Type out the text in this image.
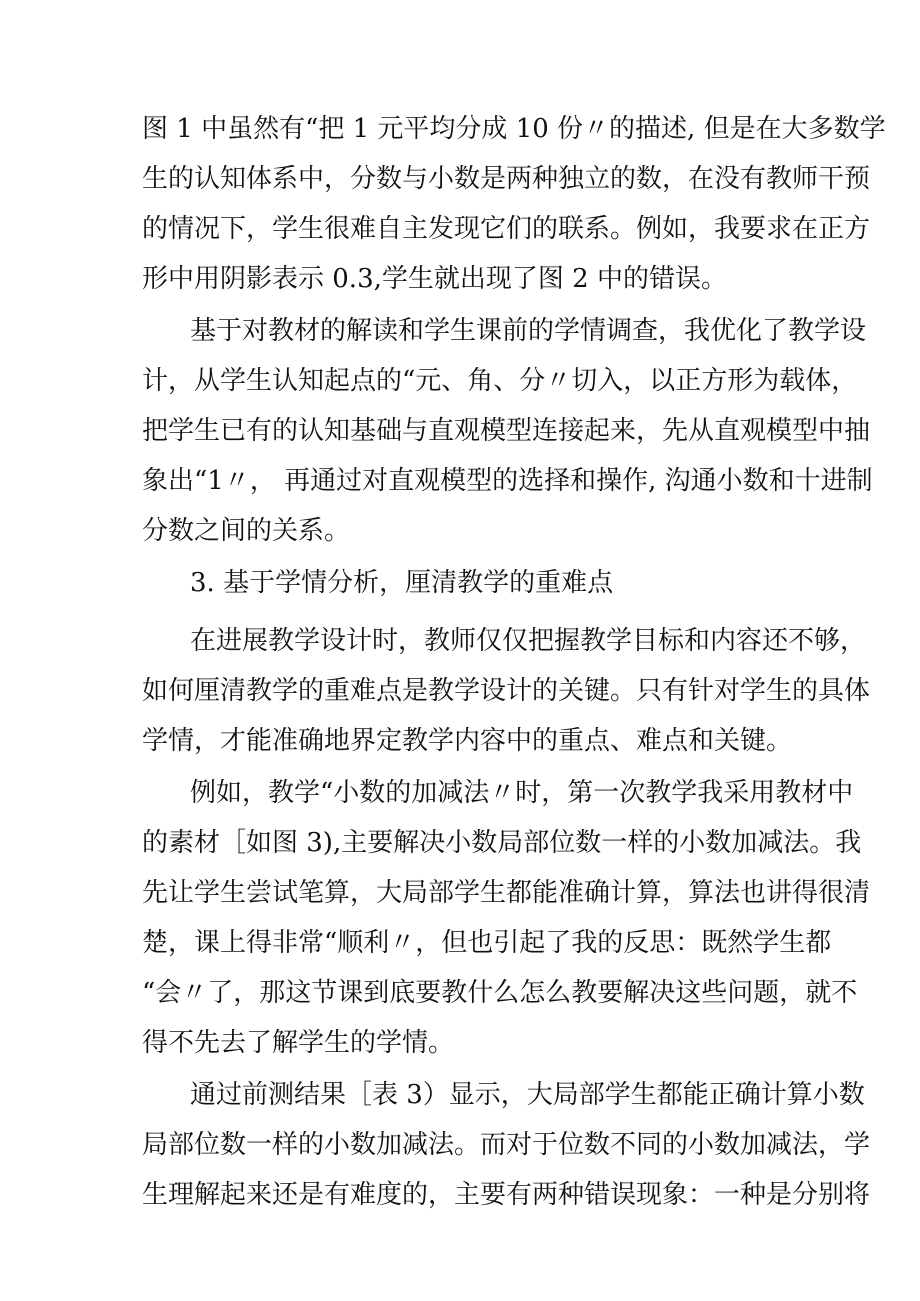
图 1 中虽然有“把 1 元平均分成 10 份〃的描述, 但是在大多数学
生的认知体系中，分数与小数是两种独立的数，在没有教师干预
的情况下，学生很难自主发现它们的联系。例如，我要求在正方
形中用阴影表示 0.3,学生就出现了图 2 中的错误。
基于对教材的解读和学生课前的学情调查，我优化了教学设
计，从学生认知起点的“元、角、分〃切入，以正方形为载体，
把学生已有的认知基础与直观模型连接起来，先从直观模型中抽
象出“1〃， 再通过对直观模型的选择和操作, 沟通小数和十进制
分数之间的关系。
3. 基于学情分析，厘清教学的重难点
在进展教学设计时，教师仅仅把握教学目标和内容还不够，
如何厘清教学的重难点是教学设计的关键。只有针对学生的具体
学情，才能准确地界定教学内容中的重点、难点和关键。
例如，教学“小数的加减法〃时，第一次教学我采用教材中
的素材［如图 3),主要解决小数局部位数一样的小数加减法。我
先让学生尝试笔算，大局部学生都能准确计算，算法也讲得很清
楚，课上得非常“顺利〃，但也引起了我的反思：既然学生都
“会〃了，那这节课到底要教什么怎么教要解决这些问题，就不
得不先去了解学生的学情。
通过前测结果［表 3）显示，大局部学生都能正确计算小数
局部位数一样的小数加减法。而对于位数不同的小数加减法，学
生理解起来还是有难度的，主要有两种错误现象：一种是分别将
